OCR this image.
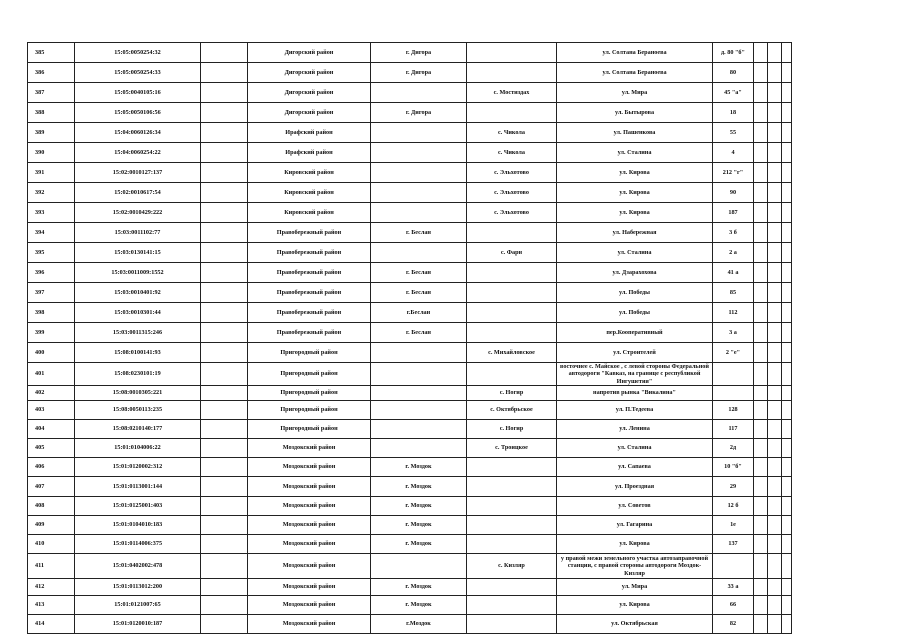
385	15:05:0050254:32		Дигорский район	г. Дигора		ул. Солтана Бераноева	д. 80 "б"			
386	15:05:0050254:33		Дигорский район	г. Дигора		ул. Солтана Бераноева	80			
387	15:05:0040105:16		Дигорский район		с. Мостиздах	ул. Мира	45 "а"			
388	15:05:0050106:56		Дигорский район	г. Дигора		ул. Бытырова	18			
389	15:04:0060126:34		Ирафский район		с. Чикола	ул. Пашенкова	55			
390	15:04:0060254:22		Ирафский район		с. Чикола	ул. Сталина	4			
391	15:02:0010127:137		Кировский район		с. Эльхотово	ул. Кирова	212 "г"			
392	15:02:0010617:54		Кировский район		с. Эльхотово	ул. Кирова	90			
393	15:02:0010429:222		Кировский район		с. Эльхотово	ул. Кирова	187			
394	15:03:0011102:77		Правобережный район	г. Беслан		ул. Набережная	3 б			
395	15:03:0130141:15		Правобережный район		с. Фарн	ул. Сталина	2 а			
396	15:03:0011009:1552		Правобережный район	г. Беслан		ул. Дзарахохова	41 а			
397	15:03:0010401:92		Правобережный район	г. Беслан		ул. Победы	85			
398	15:03:0010301:44		Правобережный район	г.Беслан		ул. Победы	112			
399	15:03:0011315:246		Правобережный район	г. Беслан		пер.Кооперативный	3 а			
400	15:08:0100141:93		Пригородный район		с. Михайловское	ул. Строителей	2 "е"			
401	15:08:0230101:19		Пригородный район			восточнее с. Майское , с левой стороны Федеральной автодороги "Кавказ, на границе с республикой Ингушетия"				
402	15:08:0010305:221		Пригородный район		с. Ногир	напротив рынка "Викалина"				
403	15:08:0050113:235		Пригородный район		с. Октябрьское	ул. П.Тедеева	128			
404	15:08:0210140:177		Пригородный район		с. Ногир	ул. Ленина	117			
405	15:01:0104006:22		Моздокский район		с. Троицкое	ул. Сталина	2д			
406	15:01:0120002:312		Моздокский район	г. Моздок		ул. Сапаева	10 "б"			
407	15:01:0113001:144		Моздокский район	г. Моздок		ул. Проездная	29			
408	15:01:0125001:403		Моздокский район	г. Моздок		ул. Советов	12 б			
409	15:01:0104010:183		Моздокский район	г. Моздок		ул. Гагарина	1е			
410	15:01:0114006:375		Моздокский район	г. Моздок		ул. Кирова	137			
411	15:01:0402002:478		Моздокский район		с. Кизляр	у правой межи земельного участка автозаправочной станции, с правой стороны автодороги Моздок-Кизляр				
412	15:01:0113012:200		Моздокский район	г. Моздок		ул. Мира	33 а			
413	15:01:0121007:65		Моздокский район	г. Моздок		ул. Кирова	66			
414	15:01:0120010:187		Моздокский район	г.Моздок		ул. Октябрьская	82			
